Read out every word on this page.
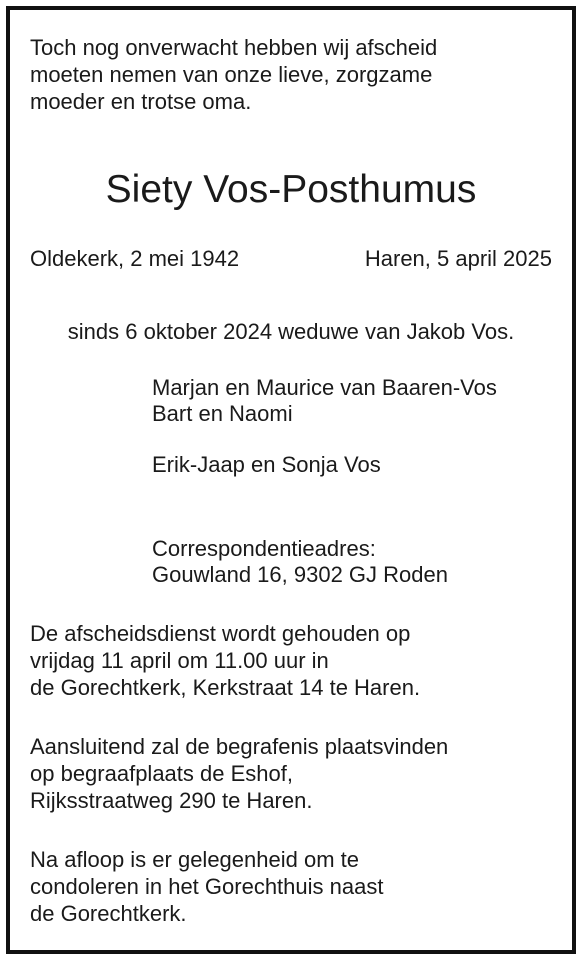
Toch nog onverwacht hebben wij afscheid
moeten nemen van onze lieve, zorgzame
moeder en trotse oma.
Siety Vos-Posthumus
Oldekerk, 2 mei 1942	Haren, 5 april 2025
sinds 6 oktober 2024 weduwe van Jakob Vos.
Marjan en Maurice van Baaren-Vos
Bart en Naomi
Erik-Jaap en Sonja Vos
Correspondentieadres:
Gouwland 16, 9302 GJ Roden
De afscheidsdienst wordt gehouden op
vrijdag 11 april om 11.00 uur in
de Gorechtkerk, Kerkstraat 14 te Haren.
Aansluitend zal de begrafenis plaatsvinden
op begraafplaats de Eshof,
Rijksstraatweg 290 te Haren.
Na afloop is er gelegenheid om te
condoleren in het Gorechthuis naast
de Gorechtkerk.
